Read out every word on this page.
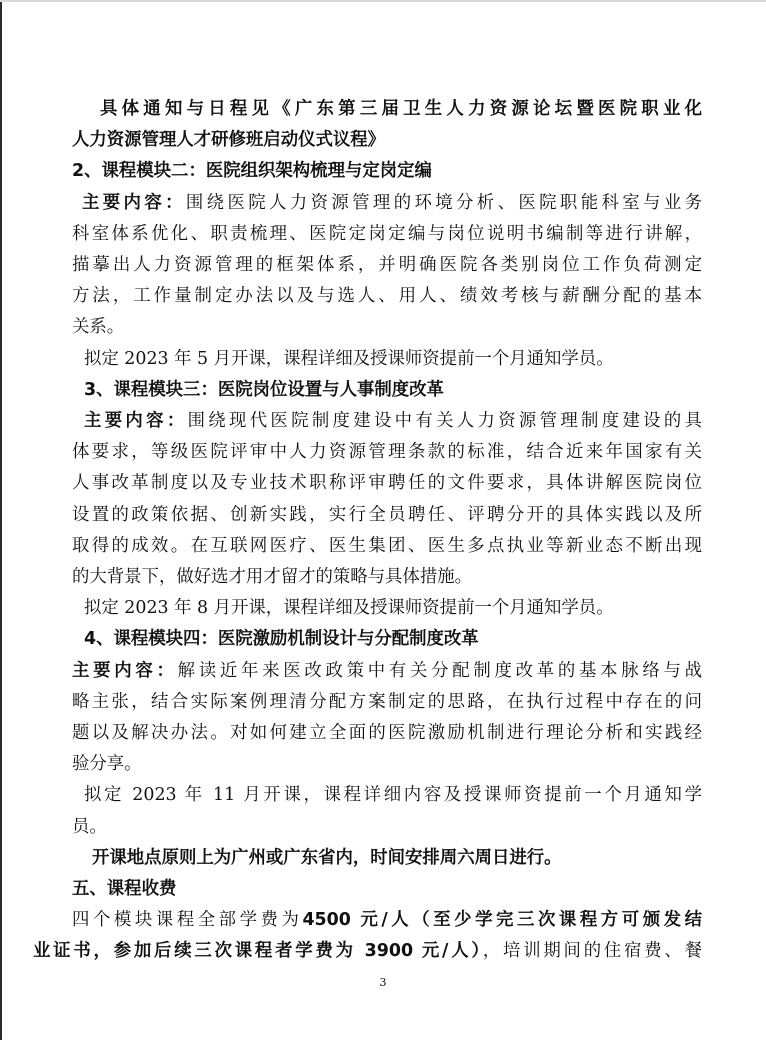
具体通知与日程见《广东第三届卫生人力资源论坛暨医院职业化
人力资源管理人才研修班启动仪式议程》
2、课程模块二：医院组织架构梳理与定岗定编
主要内容：围绕医院人力资源管理的环境分析、医院职能科室与业务
科室体系优化、职责梳理、医院定岗定编与岗位说明书编制等进行讲解，
描摹出人力资源管理的框架体系，并明确医院各类别岗位工作负荷测定
方法，工作量制定办法以及与选人、用人、绩效考核与薪酬分配的基本
关系。
拟定 2023 年 5 月开课，课程详细及授课师资提前一个月通知学员。
3、课程模块三：医院岗位设置与人事制度改革
主要内容：围绕现代医院制度建设中有关人力资源管理制度建设的具
体要求，等级医院评审中人力资源管理条款的标准，结合近来年国家有关
人事改革制度以及专业技术职称评审聘任的文件要求，具体讲解医院岗位
设置的政策依据、创新实践，实行全员聘任、评聘分开的具体实践以及所
取得的成效。在互联网医疗、医生集团、医生多点执业等新业态不断出现
的大背景下，做好选才用才留才的策略与具体措施。
拟定 2023 年 8 月开课，课程详细及授课师资提前一个月通知学员。
4、课程模块四：医院激励机制设计与分配制度改革
主要内容：解读近年来医改政策中有关分配制度改革的基本脉络与战
略主张，结合实际案例理清分配方案制定的思路，在执行过程中存在的问
题以及解决办法。对如何建立全面的医院激励机制进行理论分析和实践经
验分享。
拟定 2023 年 11 月开课，课程详细内容及授课师资提前一个月通知学
员。
开课地点原则上为广州或广东省内，时间安排周六周日进行。
五、课程收费
四个模块课程全部学费为4500 元/人（至少学完三次课程方可颁发结
业证书，参加后续三次课程者学费为 3900 元/人），培训期间的住宿费、餐
3
